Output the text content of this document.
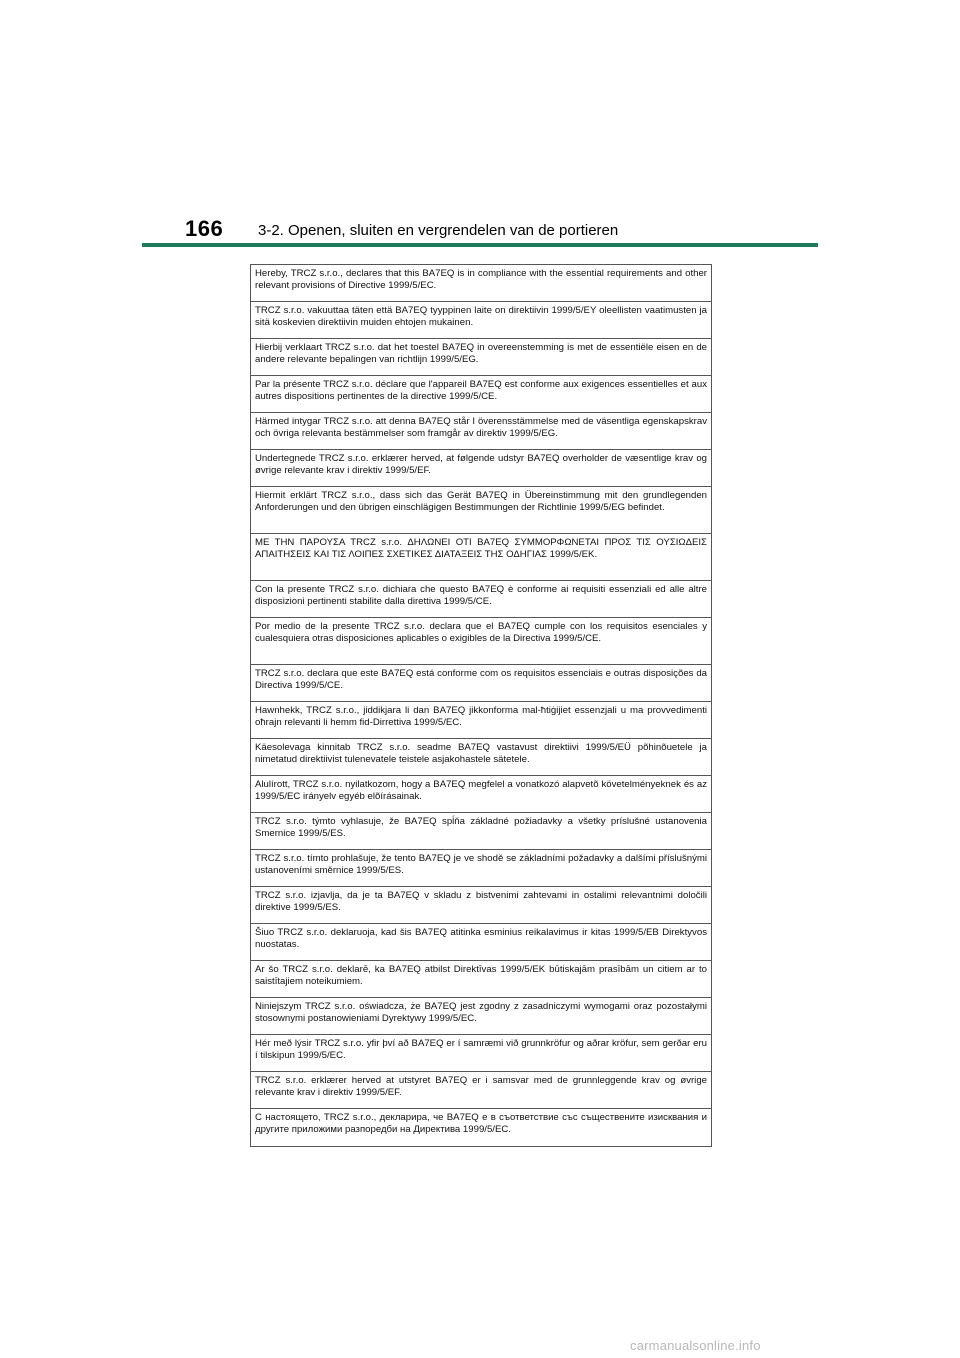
166 3-2. Openen, sluiten en vergrendelen van de portieren
Hereby, TRCZ s.r.o., declares that this BA7EQ is in compliance with the essential requirements and other relevant provisions of Directive 1999/5/EC.
TRCZ s.r.o. vakuuttaa täten että BA7EQ tyyppinen laite on direktiivin 1999/5/EY oleellisten vaatimusten ja sitä koskevien direktiivin muiden ehtojen mukainen.
Hierbij verklaart TRCZ s.r.o. dat het toestel BA7EQ in overeenstemming is met de essentiële eisen en de andere relevante bepalingen van richtlijn 1999/5/EG.
Par la présente TRCZ s.r.o. déclare que l'appareil BA7EQ est conforme aux exigences essentielles et aux autres dispositions pertinentes de la directive 1999/5/CE.
Härmed intygar TRCZ s.r.o. att denna BA7EQ står I överensstämmelse med de väsentliga egenskapskrav och övriga relevanta bestämmelser som framgår av direktiv 1999/5/EG.
Undertegnede TRCZ s.r.o. erklærer herved, at følgende udstyr BA7EQ overholder de væsentlige krav og øvrige relevante krav i direktiv 1999/5/EF.
Hiermit erklärt TRCZ s.r.o., dass sich das Gerät BA7EQ in Übereinstimmung mit den grundlegenden Anforderungen und den übrigen einschlägigen Bestimmungen der Richtlinie 1999/5/EG befindet.
ΜΕ ΤΗΝ ΠΑΡΟΥΣΑ TRCZ s.r.o. ΔΗΛΩΝΕΙ ΟΤΙ BA7EQ ΣΥΜΜΟΡΦΩΝΕΤΑΙ ΠΡΟΣ ΤΙΣ ΟΥΣΙΩΔΕΙΣ ΑΠΑΙΤΗΣΕΙΣ ΚΑΙ ΤΙΣ ΛΟΙΠΕΣ ΣΧΕΤΙΚΕΣ ΔΙΑΤΑΞΕΙΣ ΤΗΣ ΟΔΗΓΙΑΣ 1999/5/ΕΚ.
Con la presente TRCZ s.r.o. dichiara che questo BA7EQ è conforme ai requisiti essenziali ed alle altre disposizioni pertinenti stabilite dalla direttiva 1999/5/CE.
Por medio de la presente TRCZ s.r.o. declara que el BA7EQ cumple con los requisitos esenciales y cualesquiera otras disposiciones aplicables o exigibles de la Directiva 1999/5/CE.
TRCZ s.r.o. declara que este BA7EQ está conforme com os requisitos essenciais e outras disposições da Directiva 1999/5/CE.
Hawnhekk, TRCZ s.r.o., jiddikjara li dan BA7EQ jikkonforma mal-ħtiġijiet essenzjali u ma provvedimenti oħrajn relevanti li hemm fid-Dirrettiva 1999/5/EC.
Käesolevaga kinnitab TRCZ s.r.o. seadme BA7EQ vastavust direktiivi 1999/5/EÜ põhinõuetele ja nimetatud direktiivist tulenevatele teistele asjakohastele sätetele.
Alulírott, TRCZ s.r.o. nyilatkozom, hogy a BA7EQ megfelel a vonatkozó alapvetõ követelményeknek és az 1999/5/EC irányelv egyéb elõírásainak.
TRCZ s.r.o. týmto vyhlasuje, že BA7EQ spĺňa základné požiadavky a všetky príslušné ustanovenia Smernice 1999/5/ES.
TRCZ s.r.o. tímto prohlašuje, že tento BA7EQ je ve shodě se základními požadavky a dalšími příslušnými ustanoveními směrnice 1999/5/ES.
TRCZ s.r.o. izjavlja, da je ta BA7EQ v skladu z bistvenimi zahtevami in ostalimi relevantnimi določili direktive 1999/5/ES.
Šiuo TRCZ s.r.o. deklaruoja, kad šis BA7EQ atitinka esminius reikalavimus ir kitas 1999/5/EB Direktyvos nuostatas.
Ar šo TRCZ s.r.o. deklarē, ka BA7EQ atbilst Direktīvas 1999/5/EK būtiskajām prasībām un citiem ar to saistītajiem noteikumiem.
Niniejszym TRCZ s.r.o. oświadcza, że BA7EQ jest zgodny z zasadniczymi wymogami oraz pozostałymi stosownymi postanowieniami Dyrektywy 1999/5/EC.
Hér með lýsir TRCZ s.r.o. yfir því að BA7EQ er í samræmi við grunnkröfur og aðrar kröfur, sem gerðar eru í tilskipun 1999/5/EC.
TRCZ s.r.o. erklærer herved at utstyret BA7EQ er i samsvar med de grunnleggende krav og øvrige relevante krav i direktiv 1999/5/EF.
С настоящето, TRCZ s.r.o., декларира, че BA7EQ е в съответствие със съществените изисквания и другите приложими разпоредби на Директива 1999/5/ЕС.
carmanualsonline.info
